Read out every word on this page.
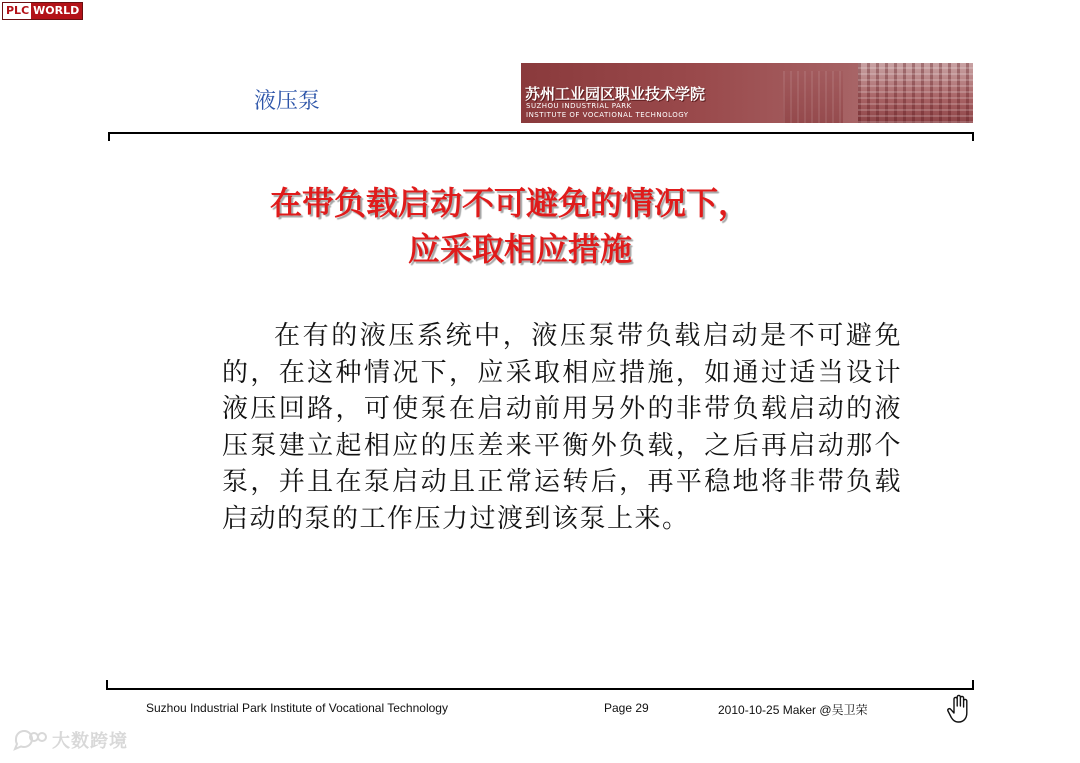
PLC WORLD
液压泵	苏州工业园区职业技术学院
SUZHOU INDUSTRIAL PARK
INSTITUTE OF VOCATIONAL TECHNOLOGY
在带负载启动不可避免的情况下，
应采取相应措施
在有的液压系统中，液压泵带负载启动是不可避免的，在这种情况下，应采取相应措施，如通过适当设计液压回路，可使泵在启动前用另外的非带负载启动的液压泵建立起相应的压差来平衡外负载，之后再启动那个泵，并且在泵启动且正常运转后，再平稳地将非带负载启动的泵的工作压力过渡到该泵上来。
Suzhou Industrial Park Institute of Vocational Technology	Page 29	2010-10-25 Maker @吴卫荣
大数跨境
